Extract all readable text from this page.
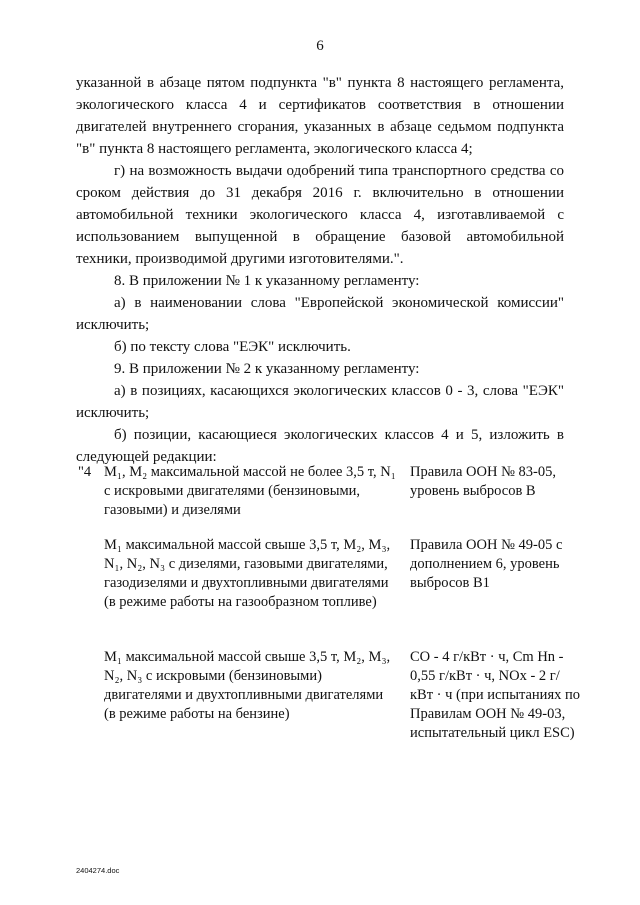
6

указанной в абзаце пятом подпункта "в" пункта 8 настоящего регламента, экологического класса 4 и сертификатов соответствия в отношении двигателей внутреннего сгорания, указанных в абзаце седьмом подпункта "в" пункта 8 настоящего регламента, экологического класса 4;

г) на возможность выдачи одобрений типа транспортного средства со сроком действия до 31 декабря 2016 г. включительно в отношении автомобильной техники экологического класса 4, изготавливаемой с использованием выпущенной в обращение базовой автомобильной техники, производимой другими изготовителями.".

8. В приложении № 1 к указанному регламенту:

а) в наименовании слова "Европейской экономической комиссии" исключить;

б) по тексту слова "ЕЭК" исключить.

9. В приложении № 2 к указанному регламенту:

а) в позициях, касающихся экологических классов 0 - 3, слова "ЕЭК" исключить;

б) позиции, касающиеся экологических классов 4 и 5, изложить в следующей редакции:

"4 M₁, M₂ максимальной массой не более 3,5 т, N₁ с искровыми двигателями (бензиновыми, газовыми) и дизелями
Правила ООН № 83-05, уровень выбросов B
M₁ максимальной массой свыше 3,5 т, M₂, M₃, N₁, N₂, N₃ с дизелями, газовыми двигателями, газодизелями и двухтопливными двигателями (в режиме работы на газообразном топливе)
Правила ООН № 49-05 с дополнением 6, уровень выбросов B1
M₁ максимальной массой свыше 3,5 т, M₂, M₃, N₂, N₃ с искровыми (бензиновыми) двигателями и двухтопливными двигателями (в режиме работы на бензине)
CO - 4 г/кВт · ч, Cm Hn - 0,55 г/кВт · ч, NOx - 2 г/кВт · ч (при испытаниях по Правилам ООН № 49-03, испытательный цикл ESC)
2404274.doc
